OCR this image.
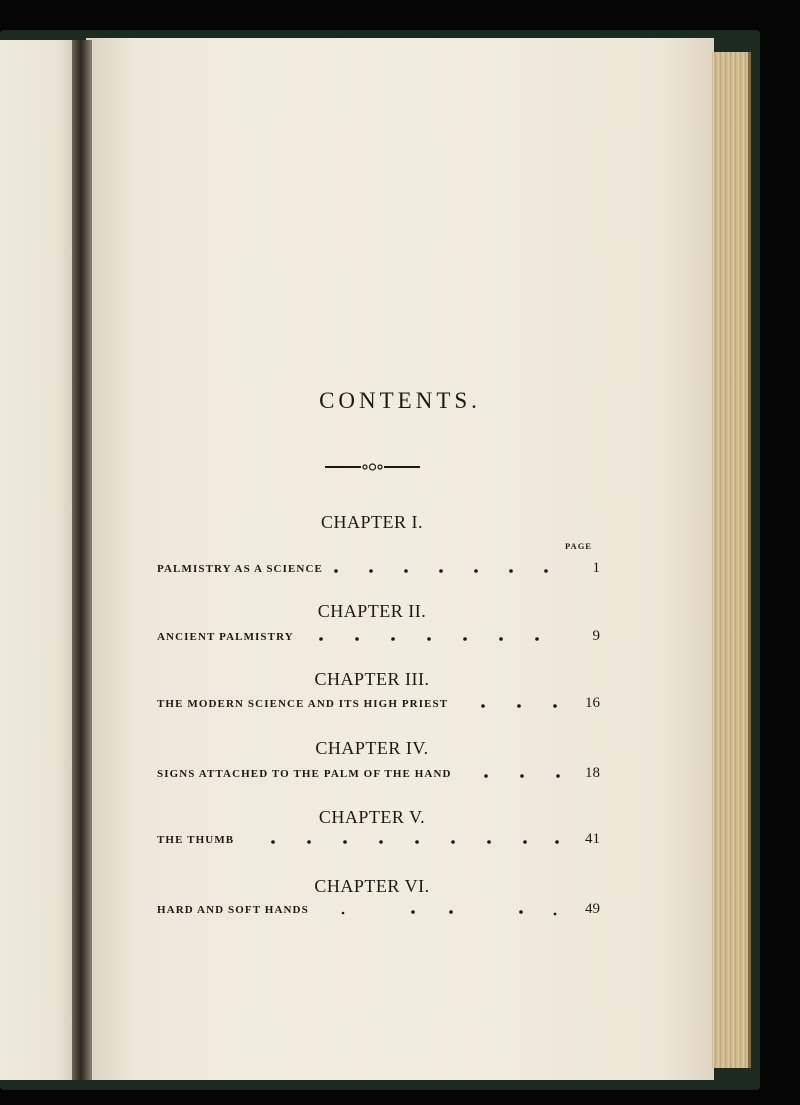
CONTENTS.
CHAPTER I.
PAGE
PALMISTRY AS A SCIENCE	1
CHAPTER II.
ANCIENT PALMISTRY	9
CHAPTER III.
THE MODERN SCIENCE AND ITS HIGH PRIEST	16
CHAPTER IV.
SIGNS ATTACHED TO THE PALM OF THE HAND	18
CHAPTER V.
THE THUMB	41
CHAPTER VI.
HARD AND SOFT HANDS	49
